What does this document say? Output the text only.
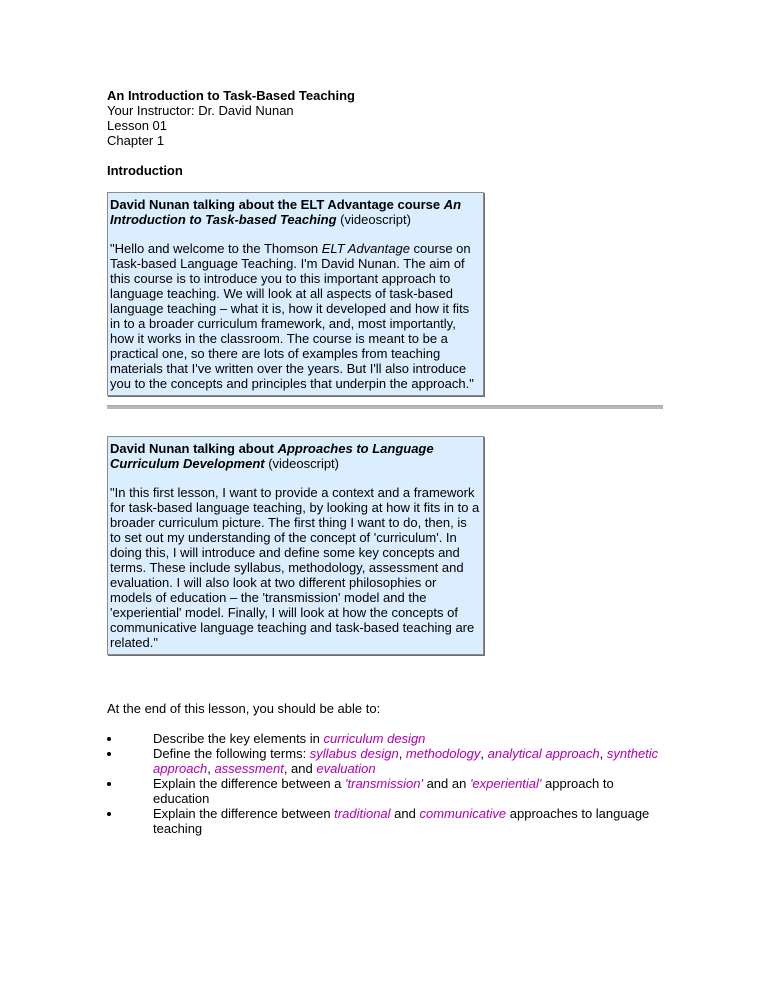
An Introduction to Task-Based Teaching
Your Instructor: Dr. David Nunan
Lesson 01
Chapter 1
Introduction

David Nunan talking about the ELT Advantage course An Introduction to Task-based Teaching (videoscript)

"Hello and welcome to the Thomson ELT Advantage course on Task-based Language Teaching. I'm David Nunan. The aim of this course is to introduce you to this important approach to language teaching. We will look at all aspects of task-based language teaching – what it is, how it developed and how it fits in to a broader curriculum framework, and, most importantly, how it works in the classroom. The course is meant to be a practical one, so there are lots of examples from teaching materials that I've written over the years. But I'll also introduce you to the concepts and principles that underpin the approach."

David Nunan talking about Approaches to Language Curriculum Development (videoscript)

"In this first lesson, I want to provide a context and a framework for task-based language teaching, by looking at how it fits in to a broader curriculum picture. The first thing I want to do, then, is to set out my understanding of the concept of 'curriculum'. In doing this, I will introduce and define some key concepts and terms. These include syllabus, methodology, assessment and evaluation. I will also look at two different philosophies or models of education – the 'transmission' model and the 'experiential' model. Finally, I will look at how the concepts of communicative language teaching and task-based teaching are related."

At the end of this lesson, you should be able to:
Describe the key elements in curriculum design
Define the following terms: syllabus design, methodology, analytical approach, synthetic approach, assessment, and evaluation
Explain the difference between a 'transmission' and an 'experiential' approach to education
Explain the difference between traditional and communicative approaches to language teaching
